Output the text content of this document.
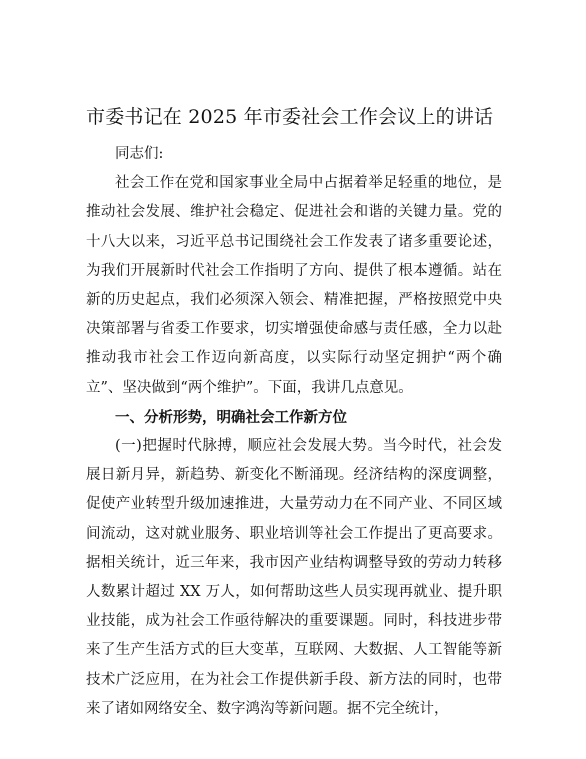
市委书记在 2025 年市委社会工作会议上的讲话

同志们:

社会工作在党和国家事业全局中占据着举足轻重的地位，是推动社会发展、维护社会稳定、促进社会和谐的关键力量。党的十八大以来，习近平总书记围绕社会工作发表了诸多重要论述，为我们开展新时代社会工作指明了方向、提供了根本遵循。站在新的历史起点，我们必须深入领会、精准把握，严格按照党中央决策部署与省委工作要求，切实增强使命感与责任感，全力以赴推动我市社会工作迈向新高度，以实际行动坚定拥护“两个确立”、坚决做到“两个维护”。下面，我讲几点意见。

一、分析形势，明确社会工作新方位

(一)把握时代脉搏，顺应社会发展大势。当今时代，社会发展日新月异，新趋势、新变化不断涌现。经济结构的深度调整，促使产业转型升级加速推进，大量劳动力在不同产业、不同区域间流动，这对就业服务、职业培训等社会工作提出了更高要求。据相关统计，近三年来，我市因产业结构调整导致的劳动力转移人数累计超过 XX 万人，如何帮助这些人员实现再就业、提升职业技能，成为社会工作亟待解决的重要课题。同时，科技进步带来了生产生活方式的巨大变革，互联网、大数据、人工智能等新技术广泛应用，在为社会工作提供新手段、新方法的同时，也带来了诸如网络安全、数字鸿沟等新问题。据不完全统计，
